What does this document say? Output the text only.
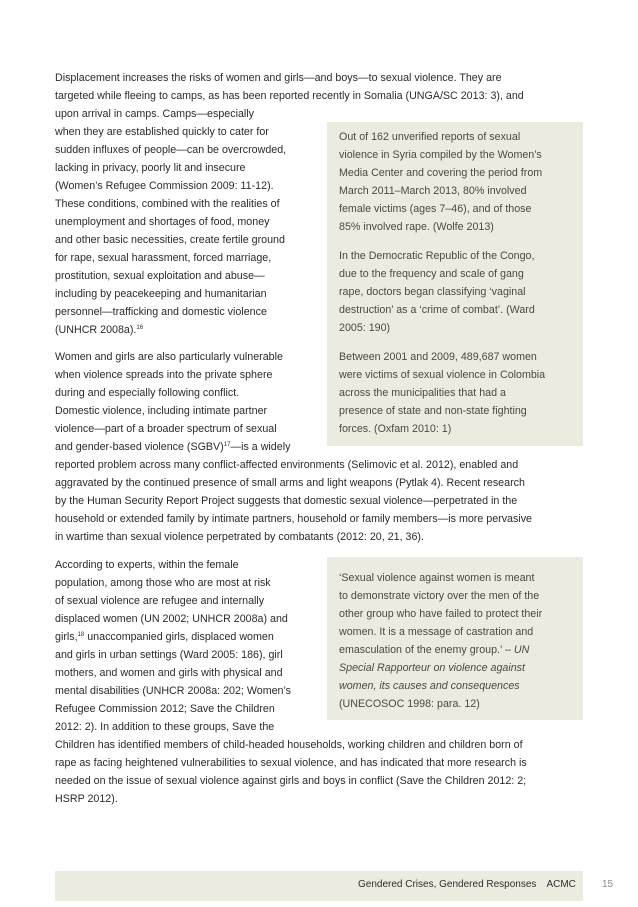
Out of 162 unverified reports of sexual
violence in Syria compiled by the Women’s
Media Center and covering the period from
March 2011–March 2013, 80% involved
female victims (ages 7–46), and of those
85% involved rape. (Wolfe 2013)
In the Democratic Republic of the Congo,
due to the frequency and scale of gang
rape, doctors began classifying ‘vaginal
destruction’ as a ‘crime of combat’. (Ward
2005: 190)
Between 2001 and 2009, 489,687 women
were victims of sexual violence in Colombia
across the municipalities that had a
presence of state and non-state fighting
forces. (Oxfam 2010: 1)
‘Sexual violence against women is meant
to demonstrate victory over the men of the
other group who have failed to protect their
women. It is a message of castration and
emasculation of the enemy group.’ – UN
Special Rapporteur on violence against
women, its causes and consequences
(UNECOSOC 1998: para. 12)
Displacement increases the risks of women and girls—and boys—to sexual violence. They are
targeted while fleeing to camps, as has been reported recently in Somalia (UNGA/SC 2013: 3), and
upon arrival in camps. Camps—especially
when they are established quickly to cater for
sudden influxes of people—can be overcrowded,
lacking in privacy, poorly lit and insecure
(Women’s Refugee Commission 2009: 11-12).
These conditions, combined with the realities of
unemployment and shortages of food, money
and other basic necessities, create fertile ground
for rape, sexual harassment, forced marriage,
prostitution, sexual exploitation and abuse—
including by peacekeeping and humanitarian
personnel—trafficking and domestic violence
(UNHCR 2008a).$^{16}$
Women and girls are also particularly vulnerable
when violence spreads into the private sphere
during and especially following conflict.
Domestic violence, including intimate partner
violence—part of a broader spectrum of sexual
and gender-based violence (SGBV)$^{17}$—is a widely
reported problem across many conflict-affected environments (Selimovic et al. 2012), enabled and
aggravated by the continued presence of small arms and light weapons (Pytlak 4). Recent research
by the Human Security Report Project suggests that domestic sexual violence—perpetrated in the
household or extended family by intimate partners, household or family members—is more pervasive
in wartime than sexual violence perpetrated by combatants (2012: 20, 21, 36).
According to experts, within the female
population, among those who are most at risk
of sexual violence are refugee and internally
displaced women (UN 2002; UNHCR 2008a) and
girls,$^{18}$ unaccompanied girls, displaced women
and girls in urban settings (Ward 2005: 186), girl
mothers, and women and girls with physical and
mental disabilities (UNHCR 2008a: 202; Women’s
Refugee Commission 2012; Save the Children
2012: 2). In addition to these groups, Save the
Children has identified members of child-headed households, working children and children born of
rape as facing heightened vulnerabilities to sexual violence, and has indicated that more research is
needed on the issue of sexual violence against girls and boys in conflict (Save the Children 2012: 2;
HSRP 2012).
Gendered Crises, Gendered Responses ACMC	15
